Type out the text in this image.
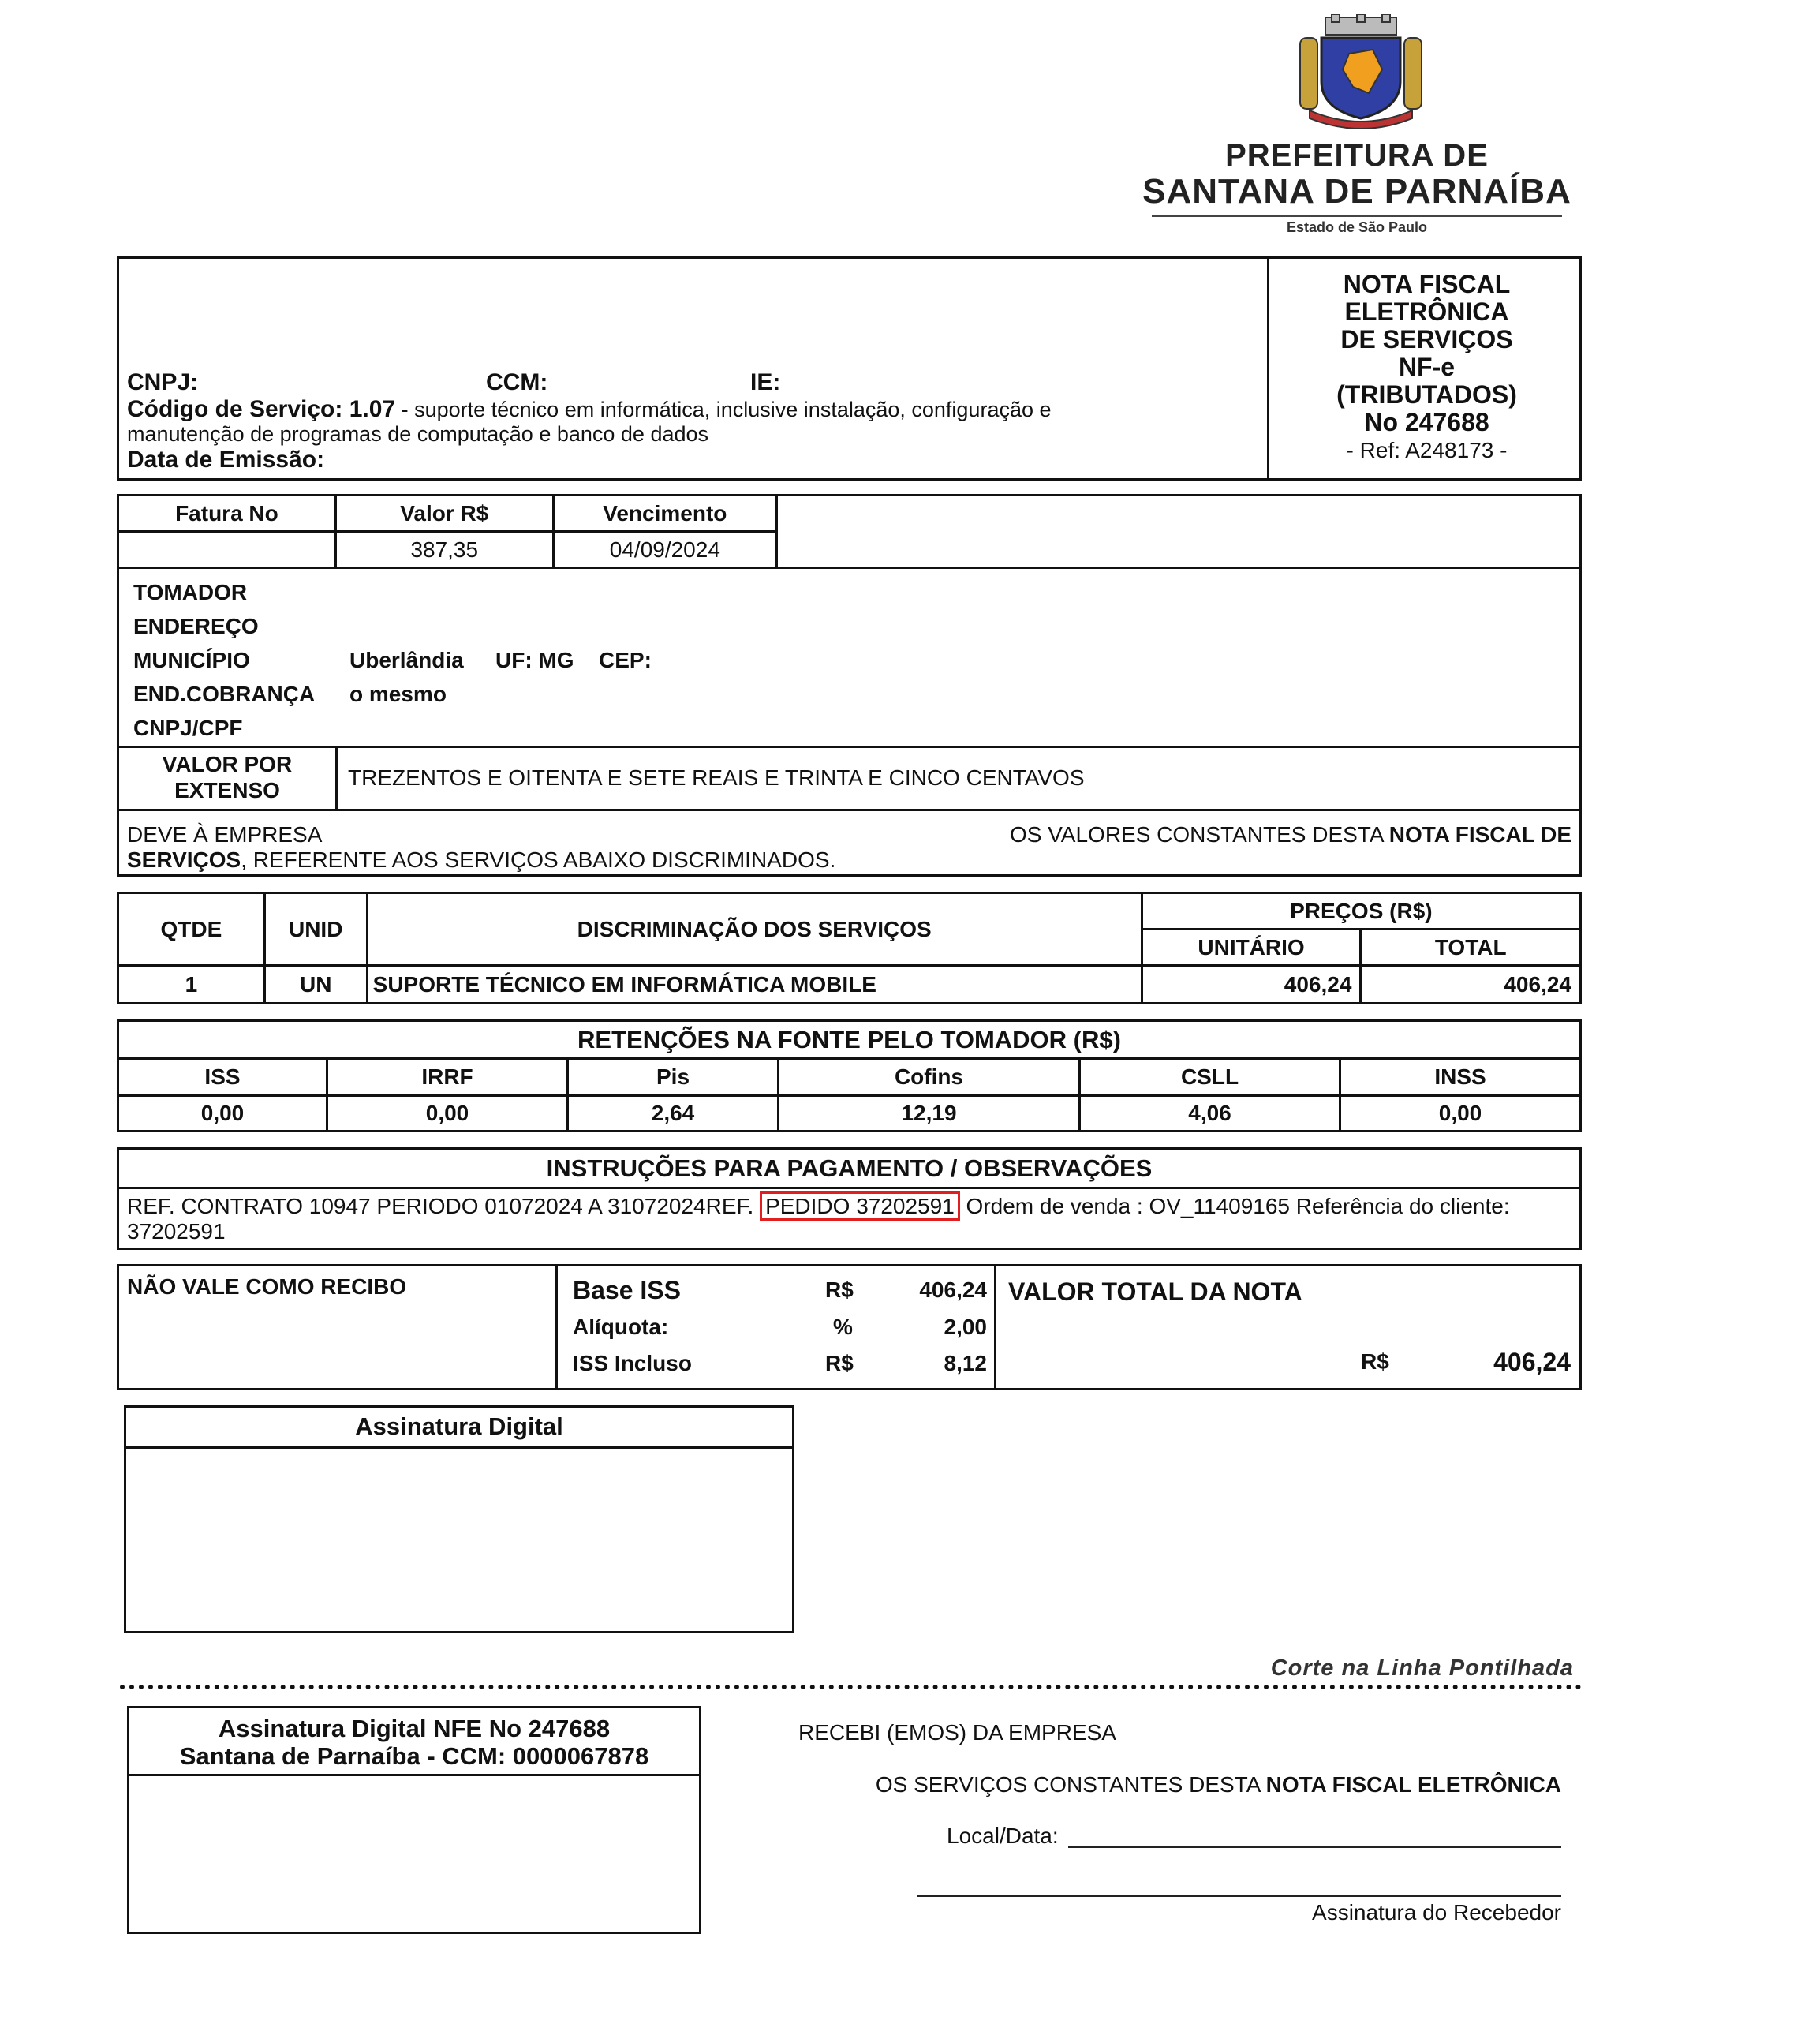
PREFEITURA DE
SANTANA DE PARNAÍBA
Estado de São Paulo
CNPJ:	CCM:	IE:
Código de Serviço: 1.07 - suporte técnico em informática, inclusive instalação, configuração e
manutenção de programas de computação e banco de dados
Data de Emissão:
NOTA FISCAL
ELETRÔNICA
DE SERVIÇOS
NF-e
(TRIBUTADOS)
No 247688
- Ref: A248173 -
Fatura No	Valor R$	Vencimento
	387,35	04/09/2024
TOMADOR
ENDEREÇO
MUNICÍPIO	Uberlândia UF: MG CEP:
END.COBRANÇA o mesmo
CNPJ/CPF
VALOR POR
EXTENSO
TREZENTOS E OITENTA E SETE REAIS E TRINTA E CINCO CENTAVOS
DEVE À EMPRESA	OS VALORES CONSTANTES DESTA NOTA FISCAL DE
SERVIÇOS, REFERENTE AOS SERVIÇOS ABAIXO DISCRIMINADOS.
QTDE	UNID	DISCRIMINAÇÃO DOS SERVIÇOS	PREÇOS (R$)	
			UNITÁRIO	TOTAL
1	UN	SUPORTE TÉCNICO EM INFORMÁTICA MOBILE	406,24	406,24
RETENÇÕES NA FONTE PELO TOMADOR (R$)					
ISS	IRRF	Pis	Cofins	CSLL	INSS
0,00	0,00	2,64	12,19	4,06	0,00
INSTRUÇÕES PARA PAGAMENTO / OBSERVAÇÕES
REF. CONTRATO 10947 PERIODO 01072024 A 31072024REF. PEDIDO 37202591 Ordem de venda : OV_11409165 Referência do cliente:
37202591
NÃO VALE COMO RECIBO	Base ISS	R$	406,24
Alíquota:	%	2,00
ISS Incluso	R$	8,12
VALOR TOTAL DA NOTA
R$	406,24
Assinatura Digital
Corte na Linha Pontilhada
Assinatura Digital NFE No 247688
Santana de Parnaíba - CCM: 0000067878
RECEBI (EMOS) DA EMPRESA
OS SERVIÇOS CONSTANTES DESTA NOTA FISCAL ELETRÔNICA
Local/Data:
Assinatura do Recebedor
